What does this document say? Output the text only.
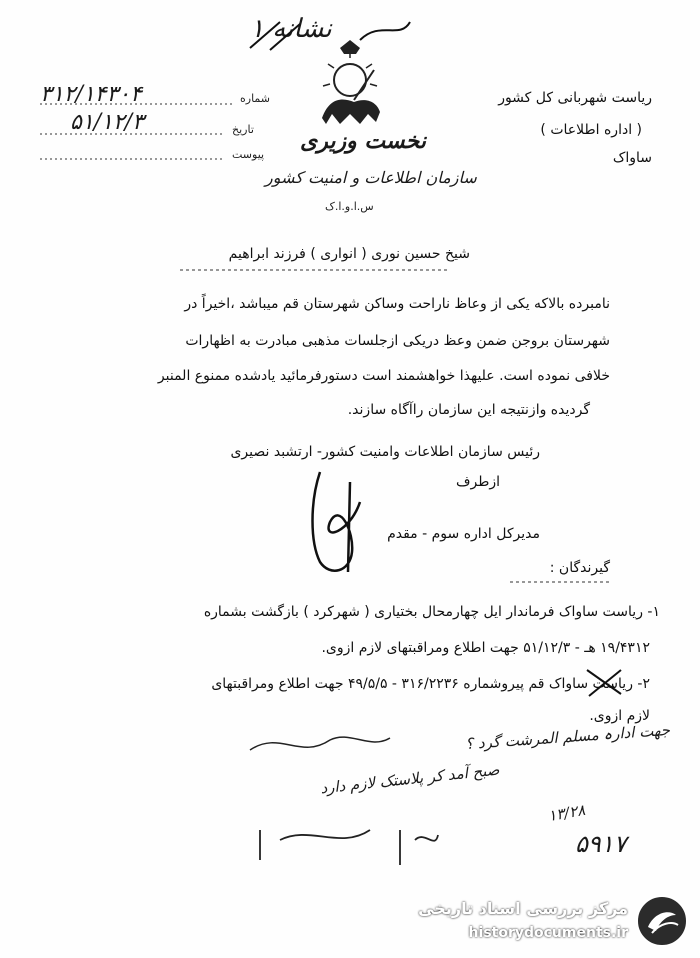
نشانه ۱
شماره
۳۱۲/۱۴۳۰۴
تاریخ
۵۱/۱۲/۳
پیوست
نخست وزیری
سازمان اطلاعات و امنیت کشور
س.ا.و.ا.ک
ریاست شهربانی کل کشور
( اداره اطلاعات )
ساواک
شیخ حسین نوری ( انواری ) فرزند ابراهیم
نامبرده بالاکه یکی از وعاظ ناراحت وساکن شهرستان قم میباشد ،اخیراً در
شهرستان بروجن ضمن وعظ دریکی ازجلسات مذهبی مبادرت به اظهارات
خلافی نموده است. علیهذا خواهشمند است دستورفرمائید یادشده ممنوع المنبر
گردیده وازنتیجه این سازمان راآگاه سازند.
رئیس سازمان اطلاعات وامنیت کشور- ارتشبد نصیری
ازطرف
مدیرکل اداره سوم - مقدم
گیرندگان :
۱- ریاست ساواک فرماندار ایل چهارمحال بختیاری ( شهرکرد ) بازگشت بشماره
۱۹/۴۳۱۲ هـ - ۵۱/۱۲/۳ جهت اطلاع ومراقبتهای لازم ازوی.
۲- ریاست ساواک قم پیروشماره ۳۱۶/۲۲۳۶ - ۴۹/۵/۵ جهت اطلاع ومراقبتهای
لازم ازوی.
جهت ادارہ مسلم المرشت گرد ؟
صبح آمد کر پلاستک لازم دارد
۱۳/۲۸
۵۹۱۷
مرکز بررسی اسناد تاریخی
historydocuments.ir
